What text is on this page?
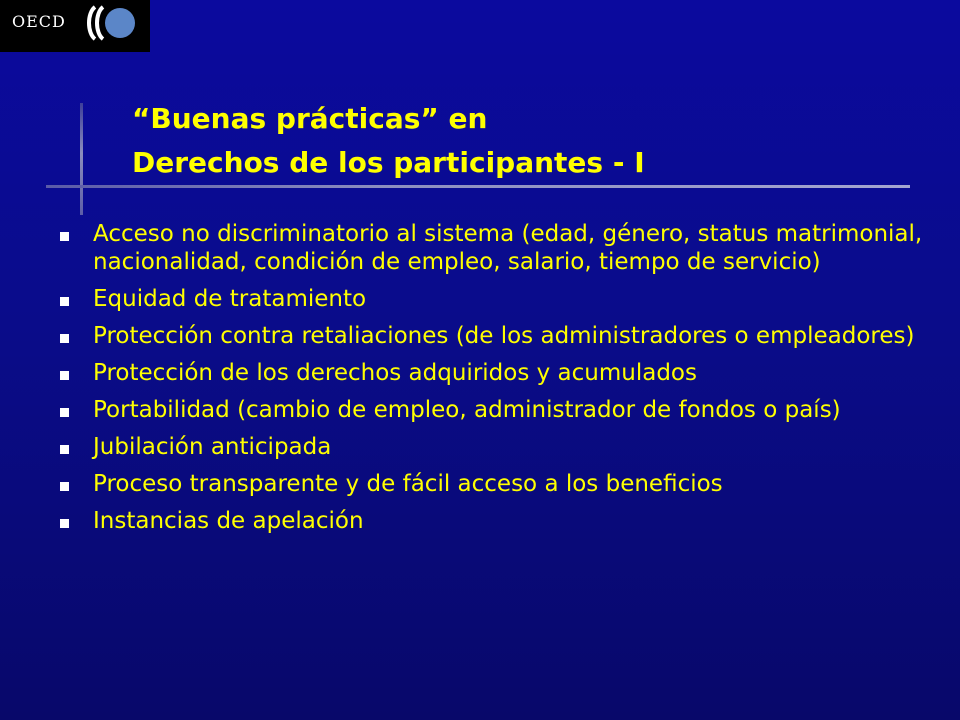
OECD
“Buenas prácticas” en
Derechos de los participantes - I
Acceso no discriminatorio al sistema (edad, género, status matrimonial, nacionalidad, condición de empleo, salario, tiempo de servicio)
Equidad de tratamiento
Protección contra retaliaciones (de los administradores o empleadores)
Protección de los derechos adquiridos y acumulados
Portabilidad (cambio de empleo, administrador de fondos o país)
Jubilación anticipada
Proceso transparente y de fácil acceso a los beneficios
Instancias de apelación
